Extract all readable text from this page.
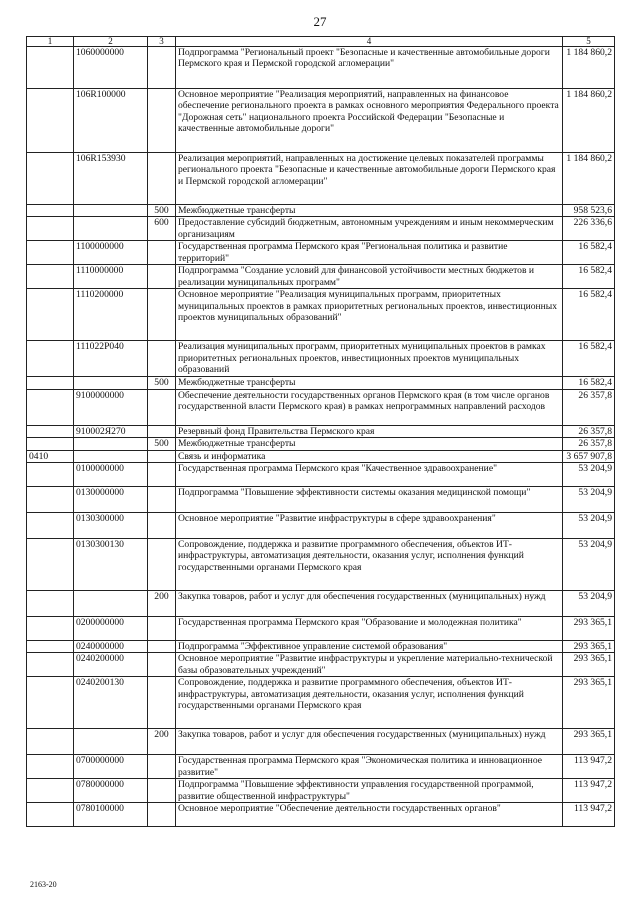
27
1	2	3	4	5
	1060000000		Подпрограмма "Региональный проект "Безопасные и качественные автомобильные дороги Пермского края и Пермской городской агломерации"	1 184 860,2
	106R100000		Основное мероприятие "Реализация мероприятий, направленных на финансовое обеспечение регионального проекта в рамках основного мероприятия Федерального проекта "Дорожная сеть" национального проекта Российской Федерации "Безопасные и качественные автомобильные дороги"	1 184 860,2
	106R153930		Реализация мероприятий, направленных на достижение целевых показателей программы регионального проекта "Безопасные и качественные автомобильные дороги Пермского края и Пермской городской агломерации"	1 184 860,2
		500	Межбюджетные трансферты	958 523,6
		600	Предоставление субсидий бюджетным, автономным учреждениям и иным некоммерческим организациям	226 336,6
	1100000000		Государственная программа Пермского края "Региональная политика и развитие территорий"	16 582,4
	1110000000		Подпрограмма "Создание условий для финансовой устойчивости местных бюджетов и реализации муниципальных программ"	16 582,4
	1110200000		Основное мероприятие "Реализация муниципальных программ, приоритетных муниципальных проектов в рамках приоритетных региональных проектов, инвестиционных проектов муниципальных образований"	16 582,4
	111022P040		Реализация муниципальных программ, приоритетных муниципальных проектов в рамках приоритетных региональных проектов, инвестиционных проектов муниципальных образований	16 582,4
		500	Межбюджетные трансферты	16 582,4
	9100000000		Обеспечение деятельности государственных органов Пермского края (в том числе органов государственной власти Пермского края) в рамках непрограммных направлений расходов	26 357,8
	910002Я270		Резервный фонд Правительства Пермского края	26 357,8
		500	Межбюджетные трансферты	26 357,8
0410			Связь и информатика	3 657 907,8
	0100000000		Государственная программа Пермского края "Качественное здравоохранение"	53 204,9
	0130000000		Подпрограмма "Повышение эффективности системы оказания медицинской помощи"	53 204,9
	0130300000		Основное мероприятие "Развитие инфраструктуры в сфере здравоохранения"	53 204,9
	0130300130		Сопровождение, поддержка и развитие программного обеспечения, объектов ИТ-инфраструктуры, автоматизация деятельности, оказания услуг, исполнения функций государственными органами Пермского края	53 204,9
		200	Закупка товаров, работ и услуг для обеспечения государственных (муниципальных) нужд	53 204,9
	0200000000		Государственная программа Пермского края "Образование и молодежная политика"	293 365,1
	0240000000		Подпрограмма "Эффективное управление системой образования"	293 365,1
	0240200000		Основное мероприятие "Развитие инфраструктуры и укрепление материально-технической базы образовательных учреждений"	293 365,1
	0240200130		Сопровождение, поддержка и развитие программного обеспечения, объектов ИТ-инфраструктуры, автоматизация деятельности, оказания услуг, исполнения функций государственными органами Пермского края	293 365,1
		200	Закупка товаров, работ и услуг для обеспечения государственных (муниципальных) нужд	293 365,1
	0700000000		Государственная программа Пермского края "Экономическая политика и инновационное развитие"	113 947,2
	0780000000		Подпрограмма "Повышение эффективности управления государственной программой, развитие общественной инфраструктуры"	113 947,2
	0780100000		Основное мероприятие "Обеспечение деятельности государственных органов"	113 947,2
2163-20
